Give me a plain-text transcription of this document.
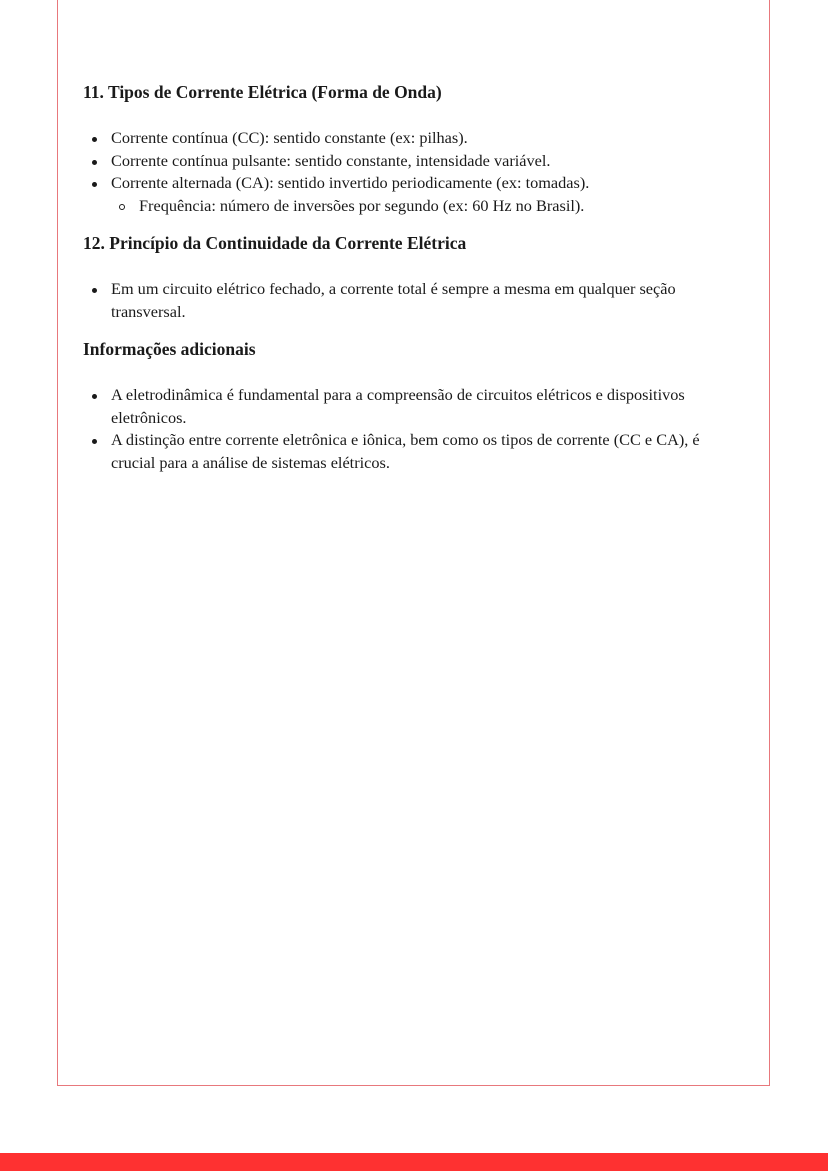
11. Tipos de Corrente Elétrica (Forma de Onda)
Corrente contínua (CC): sentido constante (ex: pilhas).
Corrente contínua pulsante: sentido constante, intensidade variável.
Corrente alternada (CA): sentido invertido periodicamente (ex: tomadas).
Frequência: número de inversões por segundo (ex: 60 Hz no Brasil).
12. Princípio da Continuidade da Corrente Elétrica
Em um circuito elétrico fechado, a corrente total é sempre a mesma em qualquer seção transversal.
Informações adicionais
A eletrodinâmica é fundamental para a compreensão de circuitos elétricos e dispositivos eletrônicos.
A distinção entre corrente eletrônica e iônica, bem como os tipos de corrente (CC e CA), é crucial para a análise de sistemas elétricos.
